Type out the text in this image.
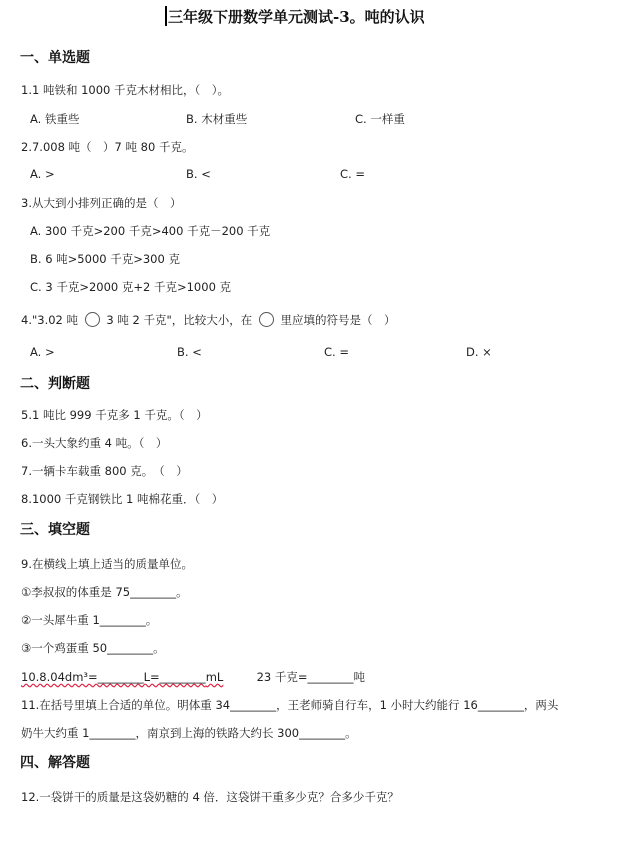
三年级下册数学单元测试-3。吨的认识
一、单选题
1.1 吨铁和 1000 千克木材相比，（　）。
A. 铁重些	B. 木材重些	C. 一样重
2.7.008 吨（　）7 吨 80 千克。
A. >	B. <	C. =
3.从大到小排列正确的是（　）
A. 300 千克>200 千克>400 千克－200 千克
B. 6 吨>5000 千克>300 克
C. 3 千克>2000 克+2 千克>1000 克
4."3.02 吨 3 吨 2 千克"，比较大小，在 里应填的符号是（　）
A. >	B. <	C. =	D. ×
二、判断题
5.1 吨比 999 千克多 1 千克。（　）
6.一头大象约重 4 吨。（　）
7.一辆卡车载重 800 克。　（　）
8.1000 千克钢铁比 1 吨棉花重．（　）
三、填空题
9.在横线上填上适当的质量单位。
①李叔叔的体重是 75________。
②一头犀牛重 1________。
③一个鸡蛋重 50________。
10.8.04dm³=________L=________mL	23 千克=________吨
11.在括号里填上合适的单位。明体重 34________，王老师骑自行车，1 小时大约能行 16________，两头
奶牛大约重 1________，南京到上海的铁路大约长 300________。
四、解答题
12.一袋饼干的质量是这袋奶糖的 4 倍．这袋饼干重多少克？合多少千克？
